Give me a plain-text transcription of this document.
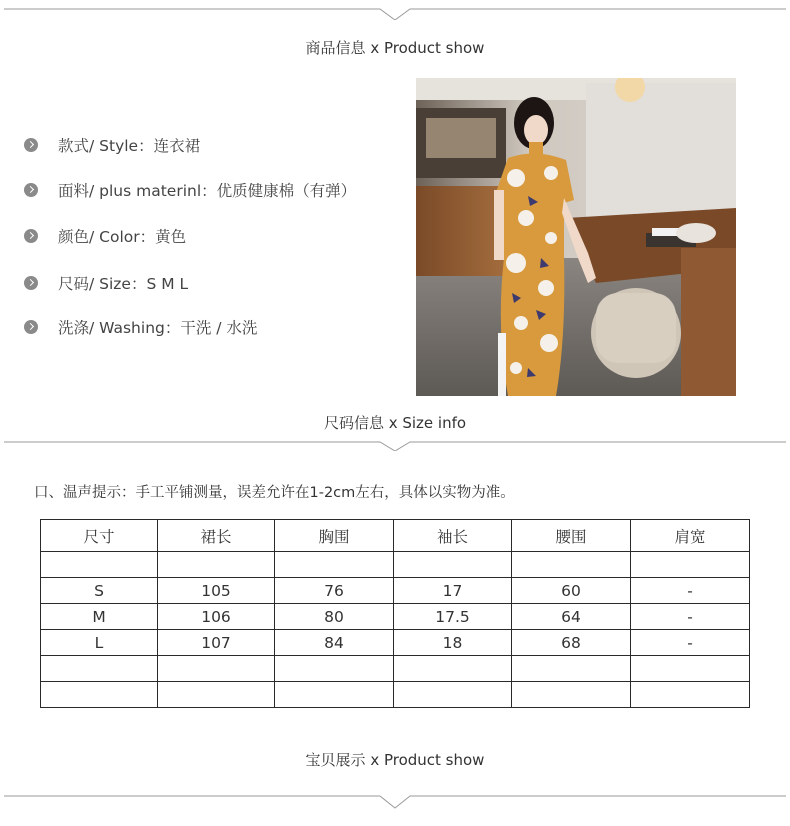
商品信息 x Product show
款式/ Style：连衣裙
面料/ plus materinl：优质健康棉（有弹）
颜色/ Color：黄色
尺码/ Size：S M L
洗涤/ Washing：干洗 / 水洗
尺码信息 x Size info
口、温声提示：手工平铺测量，误差允许在1-2cm左右，具体以实物为准。
尺寸	裙长	胸围	袖长	腰围	肩宽

S	105	76	17	60	-
M	106	80	17.5	64	-
L	107	84	18	68	-

宝贝展示 x Product show
